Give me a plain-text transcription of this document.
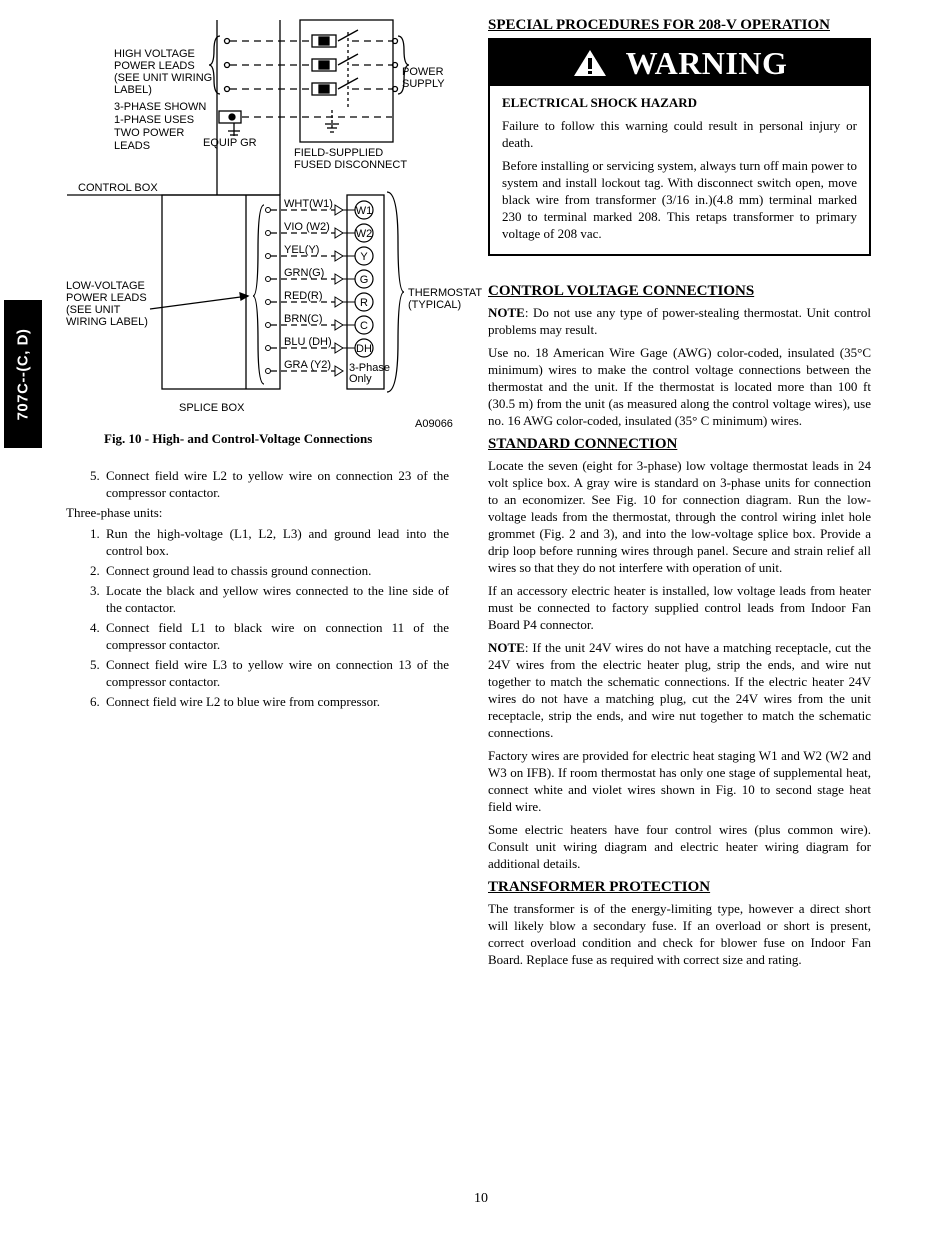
707C--(C, D)
WHT(W1)
W1
VIO (W2)
W2
YEL(Y)
Y
GRN(G)
G
RED(R)
R
BRN(C)
C
BLU (DH)
DH
GRA (Y2)
HIGH VOLTAGE POWER LEADS (SEE UNIT WIRING LABEL)
3-PHASE SHOWN 1-PHASE USES TWO POWER LEADS	EQUIP GR
POWER SUPPLY
FIELD-SUPPLIED FUSED DISCONNECT
CONTROL BOX
LOW-VOLTAGE POWER LEADS (SEE UNIT WIRING LABEL)
THERMOSTAT (TYPICAL)
3-Phase Only
SPLICE BOX
A09066
Fig. 10 - High- and Control-Voltage Connections
5. Connect field wire L2 to yellow wire on connection 23 of the compressor contactor.

Three-phase units:

1. Run the high-voltage (L1, L2, L3) and ground lead into the control box.
2. Connect ground lead to chassis ground connection.
3. Locate the black and yellow wires connected to the line side of the contactor.
4. Connect field L1 to black wire on connection 11 of the compressor contactor.
5. Connect field wire L3 to yellow wire on connection 13 of the compressor contactor.
6. Connect field wire L2 to blue wire from compressor.
SPECIAL PROCEDURES FOR 208-V OPERATION
WARNING
ELECTRICAL SHOCK HAZARD

Failure to follow this warning could result in personal injury or death.

Before installing or servicing system, always turn off main power to system and install lockout tag. With disconnect switch open, move black wire from transformer (3/16 in.)(4.8 mm) terminal marked 230 to terminal marked 208. This retaps transformer to primary voltage of 208 vac.

CONTROL VOLTAGE CONNECTIONS

NOTE: Do not use any type of power-stealing thermostat. Unit control problems may result.

Use no. 18 American Wire Gage (AWG) color-coded, insulated (35°C minimum) wires to make the control voltage connections between the thermostat and the unit. If the thermostat is located more than 100 ft (30.5 m) from the unit (as measured along the control voltage wires), use no. 16 AWG color-coded, insulated (35° C minimum) wires.

STANDARD CONNECTION

Locate the seven (eight for 3-phase) low voltage thermostat leads in 24 volt splice box. A gray wire is standard on 3-phase units for connection to an economizer. See Fig. 10 for connection diagram. Run the low-voltage leads from the thermostat, through the control wiring inlet hole grommet (Fig. 2 and 3), and into the low-voltage splice box. Provide a drip loop before running wires through panel. Secure and strain relief all wires so that they do not interfere with operation of unit.

If an accessory electric heater is installed, low voltage leads from heater must be connected to factory supplied control leads from Indoor Fan Board P4 connector.

NOTE: If the unit 24V wires do not have a matching receptacle, cut the 24V wires from the electric heater plug, strip the ends, and wire nut together to match the schematic connections. If the electric heater 24V wires do not have a matching plug, cut the 24V wires from the unit receptacle, strip the ends, and wire nut together to match the schematic connections.

Factory wires are provided for electric heat staging W1 and W2 (W2 and W3 on IFB). If room thermostat has only one stage of supplemental heat, connect white and violet wires shown in Fig. 10 to second stage heat field wire.

Some electric heaters have four control wires (plus common wire). Consult unit wiring diagram and electric heater wiring diagram for additional details.

TRANSFORMER PROTECTION

The transformer is of the energy-limiting type, however a direct short will likely blow a secondary fuse. If an overload or short is present, correct overload condition and check for blower fuse on Indoor Fan Board. Replace fuse as required with correct size and rating.

10
